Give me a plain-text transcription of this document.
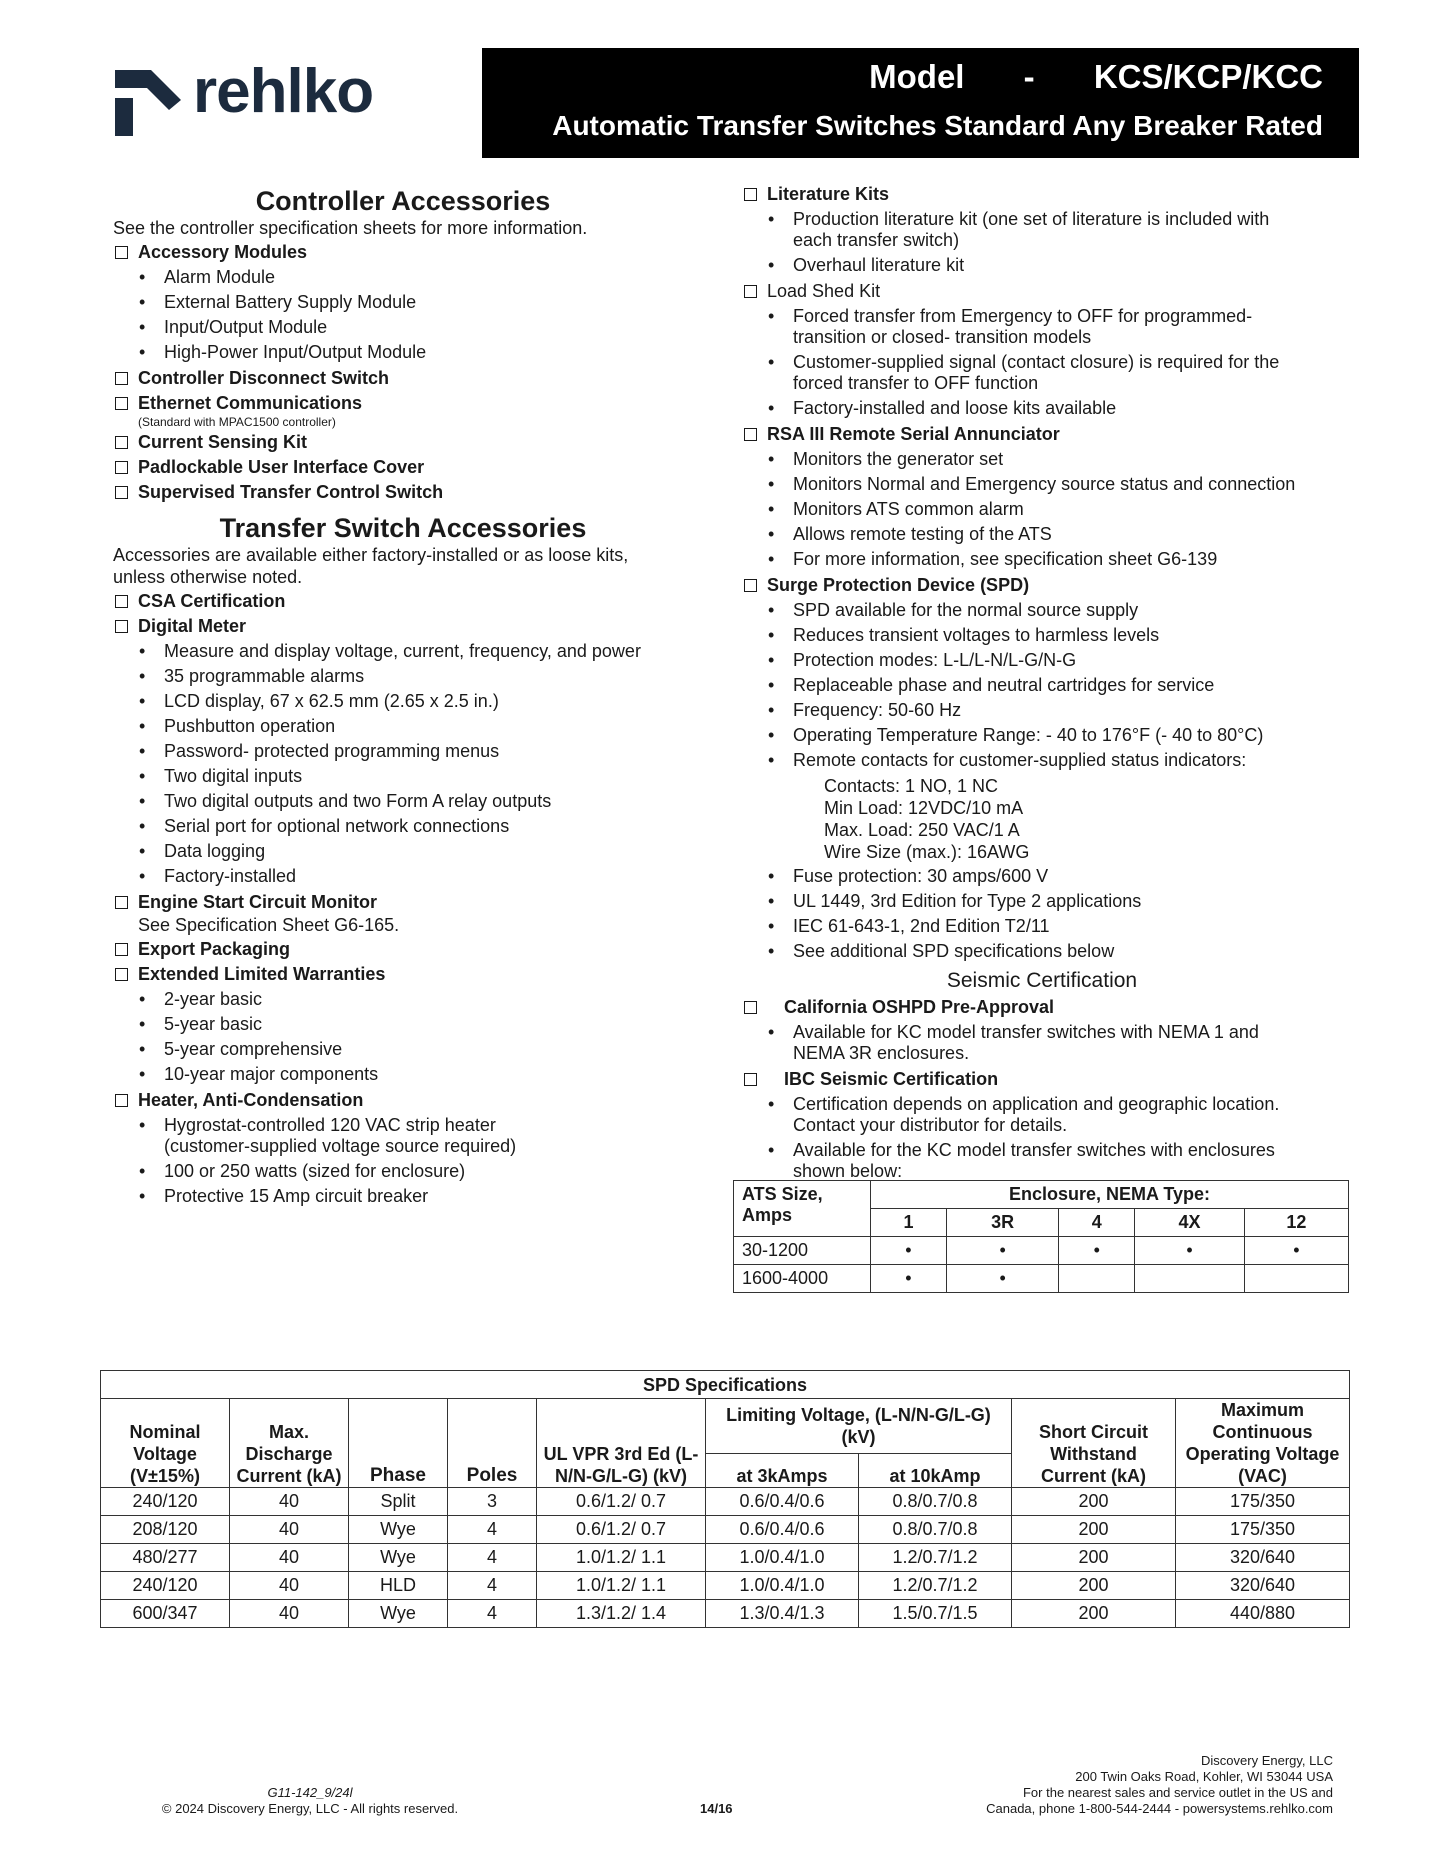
rehlko	Model - KCS/KCP/KCC
Automatic Transfer Switches Standard Any Breaker Rated
Controller Accessories

See the controller specification sheets for more information.

Accessory Modules

• Alarm Module
• External Battery Supply Module
• Input/Output Module
• High-Power Input/Output Module

Controller Disconnect Switch

Ethernet Communications

(Standard with MPAC1500 controller)

Current Sensing Kit

Padlockable User Interface Cover

Supervised Transfer Control Switch

Transfer Switch Accessories

Accessories are available either factory-installed or as loose kits, unless otherwise noted.

CSA Certification

Digital Meter

• Measure and display voltage, current, frequency, and power
• 35 programmable alarms
• LCD display, 67 x 62.5 mm (2.65 x 2.5 in.)
• Pushbutton operation
• Password- protected programming menus
• Two digital inputs
• Two digital outputs and two Form A relay outputs
• Serial port for optional network connections
• Data logging
• Factory-installed

Engine Start Circuit Monitor

See Specification Sheet G6-165.

Export Packaging

Extended Limited Warranties

• 2-year basic
• 5-year basic
• 5-year comprehensive
• 10-year major components

Heater, Anti-Condensation

• Hygrostat-controlled 120 VAC strip heater (customer-supplied voltage source required)
• 100 or 250 watts (sized for enclosure)
• Protective 15 Amp circuit breaker

Literature Kits

• Production literature kit (one set of literature is included with each transfer switch)
• Overhaul literature kit

Load Shed Kit

• Forced transfer from Emergency to OFF for programmed-transition or closed- transition models
• Customer-supplied signal (contact closure) is required for the forced transfer to OFF function
• Factory-installed and loose kits available

RSA III Remote Serial Annunciator

• Monitors the generator set
• Monitors Normal and Emergency source status and connection
• Monitors ATS common alarm
• Allows remote testing of the ATS
• For more information, see specification sheet G6-139

Surge Protection Device (SPD)

• SPD available for the normal source supply
• Reduces transient voltages to harmless levels
• Protection modes: L-L/L-N/L-G/N-G
• Replaceable phase and neutral cartridges for service
• Frequency: 50-60 Hz
• Operating Temperature Range: - 40 to 176°F (- 40 to 80°C)
• Remote contacts for customer-supplied status indicators:

Contacts: 1 NO, 1 NC

Min Load: 12VDC/10 mA

Max. Load: 250 VAC/1 A

Wire Size (max.): 16AWG

• Fuse protection: 30 amps/600 V
• UL 1449, 3rd Edition for Type 2 applications
• IEC 61-643-1, 2nd Edition T2/11
• See additional SPD specifications below
Seismic Certification

California OSHPD Pre-Approval

• Available for KC model transfer switches with NEMA 1 and NEMA 3R enclosures.

IBC Seismic Certification

• Certification depends on application and geographic location. Contact your distributor for details.
• Available for the KC model transfer switches with enclosures shown below:
ATS Size, Amps	Enclosure, NEMA Type:				
	1	3R	4	4X	12
30-1200	•	•	•	•	•
1600-4000	•	•			
SPD Specifications								
Nominal Voltage (V±15%)	Max. Discharge Current (kA)	Phase	Poles	UL VPR 3rd Ed (L-N/N-G/L-G) (kV)	Limiting Voltage, (L-N/N-G/L-G) (kV)		Short Circuit Withstand Current (kA)	Maximum Continuous Operating Voltage (VAC)
					at 3kAmps	at 10kAmp		
240/120	40	Split	3	0.6/1.2/ 0.7	0.6/0.4/0.6	0.8/0.7/0.8	200	175/350
208/120	40	Wye	4	0.6/1.2/ 0.7	0.6/0.4/0.6	0.8/0.7/0.8	200	175/350
480/277	40	Wye	4	1.0/1.2/ 1.1	1.0/0.4/1.0	1.2/0.7/1.2	200	320/640
240/120	40	HLD	4	1.0/1.2/ 1.1	1.0/0.4/1.0	1.2/0.7/1.2	200	320/640
600/347	40	Wye	4	1.3/1.2/ 1.4	1.3/0.4/1.3	1.5/0.7/1.5	200	440/880
G11-142_9/24l
© 2024 Discovery Energy, LLC - All rights reserved.	14/16
Discovery Energy, LLC
200 Twin Oaks Road, Kohler, WI 53044 USA
For the nearest sales and service outlet in the US and
Canada, phone 1-800-544-2444 - powersystems.rehlko.com
